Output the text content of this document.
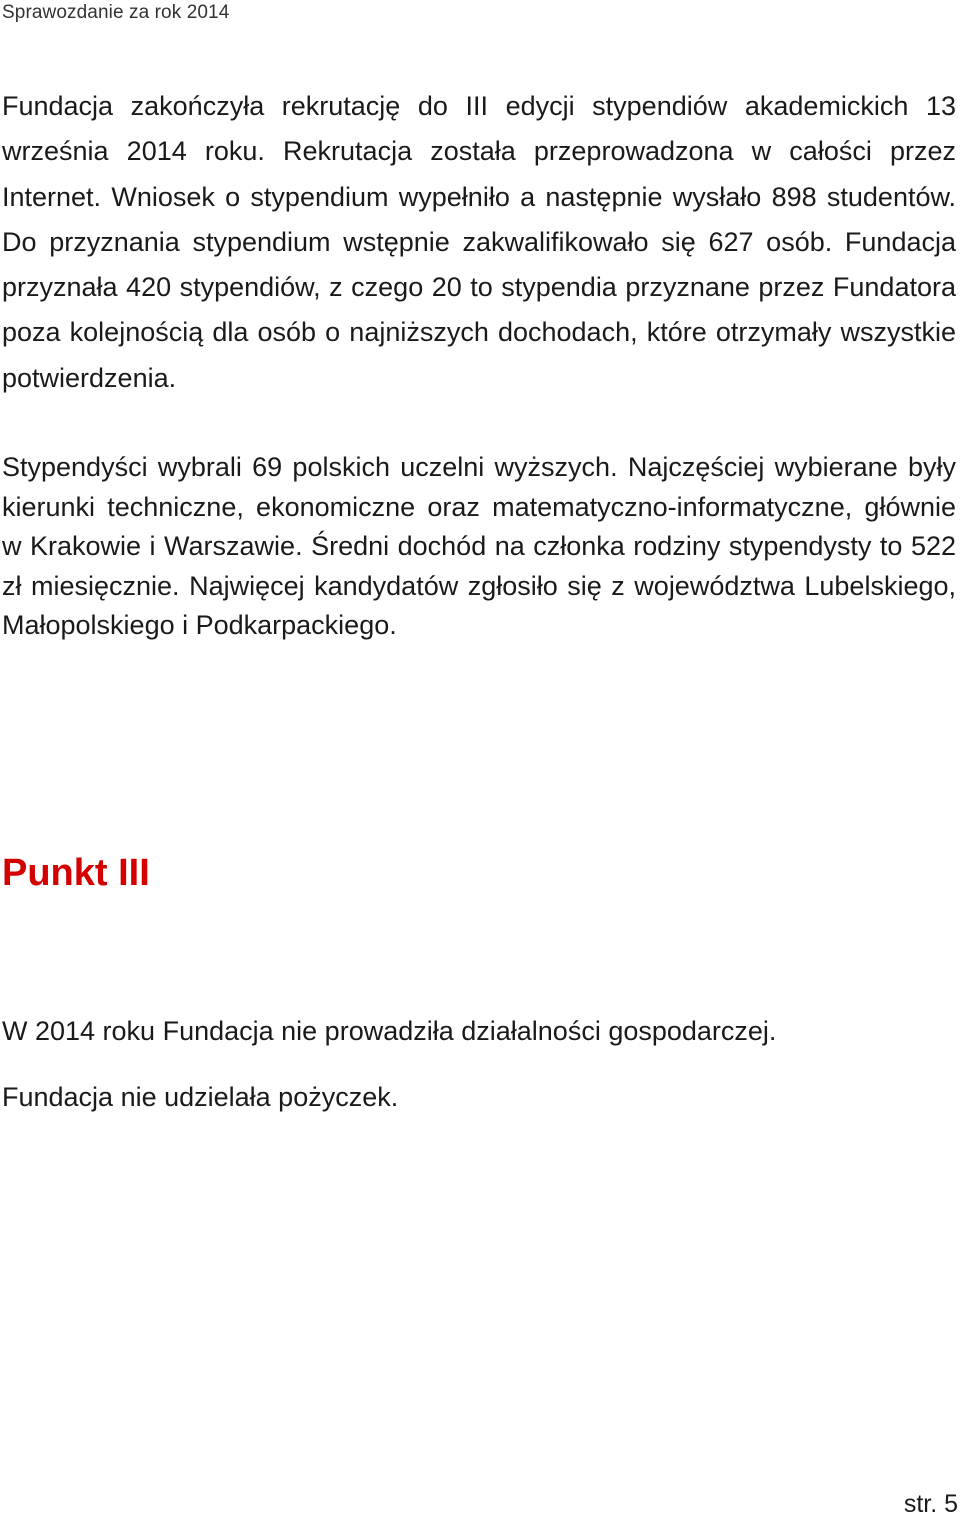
Sprawozdanie za rok 2014

Fundacja zakończyła rekrutację do III edycji stypendiów akademickich 13 września 2014 roku. Rekrutacja została przeprowadzona w całości przez Internet. Wniosek o stypendium wypełniło a następnie wysłało 898 studentów. Do przyznania stypendium wstępnie zakwalifikowało się 627 osób. Fundacja przyznała 420 stypendiów, z czego 20 to stypendia przyznane przez Fundatora poza kolejnością dla osób o najniższych dochodach, które otrzymały wszystkie potwierdzenia.

Stypendyści wybrali 69 polskich uczelni wyższych. Najczęściej wybierane były kierunki techniczne, ekonomiczne oraz matematyczno-informatyczne, głównie w Krakowie i Warszawie. Średni dochód na członka rodziny stypendysty to 522 zł miesięcznie. Najwięcej kandydatów zgłosiło się z województwa Lubelskiego, Małopolskiego i Podkarpackiego.

Punkt III

W 2014 roku Fundacja nie prowadziła działalności gospodarczej.

Fundacja nie udzielała pożyczek.

str. 5
